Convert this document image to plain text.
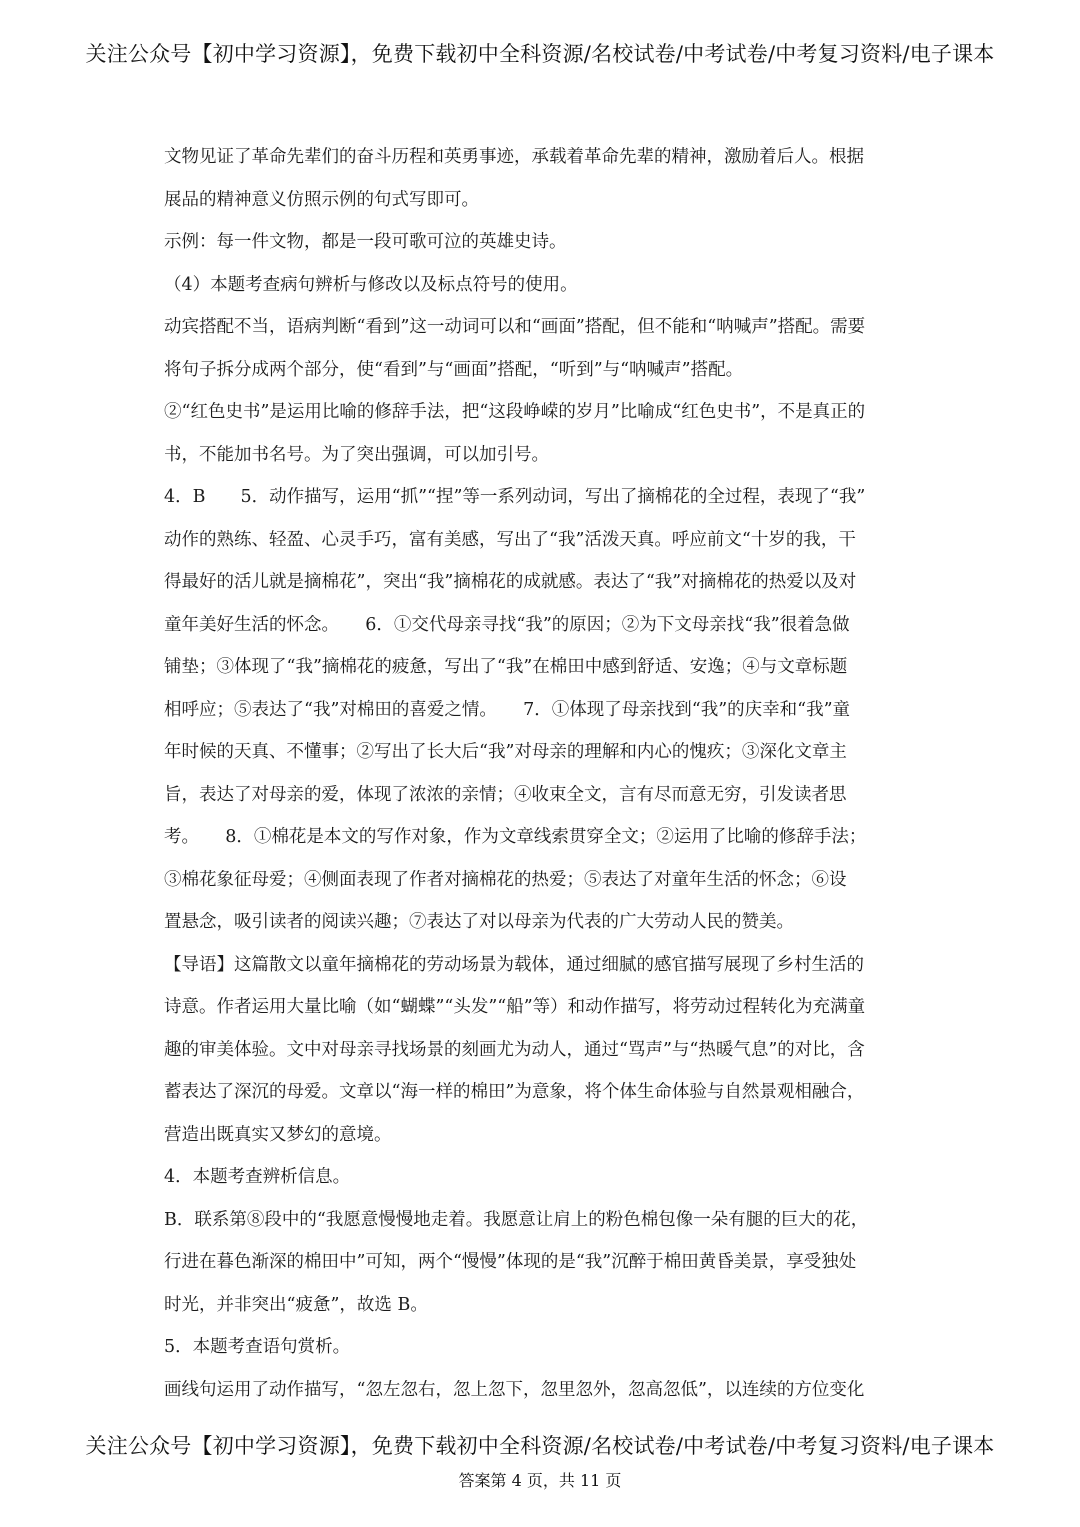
关注公众号【初中学习资源】，免费下载初中全科资源/名校试卷/中考试卷/中考复习资料/电子课本
文物见证了革命先辈们的奋斗历程和英勇事迹，承载着革命先辈的精神，激励着后人。根据
展品的精神意义仿照示例的句式写即可。
示例：每一件文物，都是一段可歌可泣的英雄史诗。
（4）本题考查病句辨析与修改以及标点符号的使用。
动宾搭配不当，语病判断“看到”这一动词可以和“画面”搭配，但不能和“呐喊声”搭配。需要
将句子拆分成两个部分，使“看到”与“画面”搭配，“听到”与“呐喊声”搭配。
②“红色史书”是运用比喻的修辞手法，把“这段峥嵘的岁月”比喻成“红色史书”，不是真正的
书，不能加书名号。为了突出强调，可以加引号。
4．B　　5．动作描写，运用“抓”“捏”等一系列动词，写出了摘棉花的全过程，表现了“我”
动作的熟练、轻盈、心灵手巧，富有美感，写出了“我”活泼天真。呼应前文“十岁的我，干
得最好的活儿就是摘棉花”，突出“我”摘棉花的成就感。表达了“我”对摘棉花的热爱以及对
童年美好生活的怀念。　　6．①交代母亲寻找“我”的原因；②为下文母亲找“我”很着急做
铺垫；③体现了“我”摘棉花的疲惫，写出了“我”在棉田中感到舒适、安逸；④与文章标题
相呼应；⑤表达了“我”对棉田的喜爱之情。　　7．①体现了母亲找到“我”的庆幸和“我”童
年时候的天真、不懂事；②写出了长大后“我”对母亲的理解和内心的愧疚；③深化文章主
旨，表达了对母亲的爱，体现了浓浓的亲情；④收束全文，言有尽而意无穷，引发读者思
考。　　8．①棉花是本文的写作对象，作为文章线索贯穿全文；②运用了比喻的修辞手法；
③棉花象征母爱；④侧面表现了作者对摘棉花的热爱；⑤表达了对童年生活的怀念；⑥设
置悬念，吸引读者的阅读兴趣；⑦表达了对以母亲为代表的广大劳动人民的赞美。
【导语】这篇散文以童年摘棉花的劳动场景为载体，通过细腻的感官描写展现了乡村生活的
诗意。作者运用大量比喻（如“蝴蝶”“头发”“船”等）和动作描写，将劳动过程转化为充满童
趣的审美体验。文中对母亲寻找场景的刻画尤为动人，通过“骂声”与“热暖气息”的对比，含
蓄表达了深沉的母爱。文章以“海一样的棉田”为意象，将个体生命体验与自然景观相融合，
营造出既真实又梦幻的意境。
4．本题考查辨析信息。
B．联系第⑧段中的“我愿意慢慢地走着。我愿意让肩上的粉色棉包像一朵有腿的巨大的花，
行进在暮色渐深的棉田中”可知，两个“慢慢”体现的是“我”沉醉于棉田黄昏美景，享受独处
时光，并非突出“疲惫”，故选 B。
5．本题考查语句赏析。
画线句运用了动作描写，“忽左忽右，忽上忽下，忽里忽外，忽高忽低”，以连续的方位变化
关注公众号【初中学习资源】，免费下载初中全科资源/名校试卷/中考试卷/中考复习资料/电子课本
答案第 4 页，共 11 页
